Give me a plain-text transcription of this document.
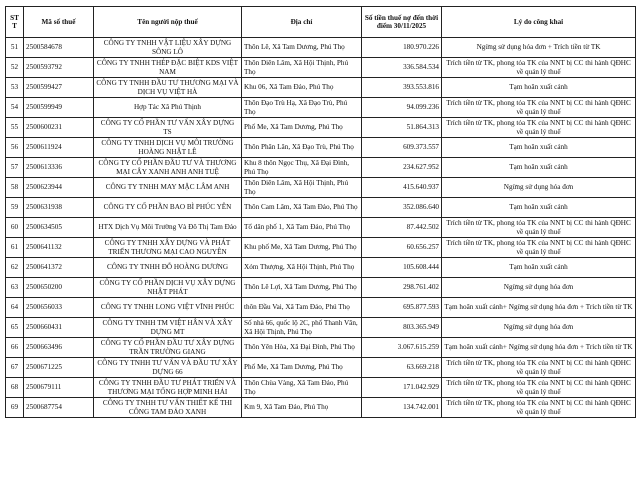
ST T	Mã số thuế	Tên người nộp thuế	Địa chỉ	Số tiền thuế nợ đến thời điểm 30/11/2025	Lý do công khai
51	2500584678	CÔNG TY TNHH VẬT LIỆU XÂY DỰNG SÔNG LÔ	Thôn Lê, Xã Tam Dương, Phú Thọ	180.970.226	Ngừng sử dụng hóa đơn + Trích tiền từ TK
52	2500593792	CÔNG TY TNHH THÉP ĐẶC BIỆT KDS VIỆT NAM	Thôn Diên Lâm, Xã Hội Thịnh, Phú Thọ	336.584.534	Trích tiền từ TK, phong tỏa TK của NNT bị CC thi hành QĐHC về quản lý thuế
53	2500599427	CÔNG TY TNHH ĐẦU TƯ THƯƠNG MẠI VÀ DỊCH VỤ VIỆT HÀ	Khu 06, Xã Tam Đảo, Phú Thọ	393.553.816	Tạm hoãn xuất cảnh
54	2500599949	Hợp Tác Xã Phú Thịnh	Thôn Đạo Trù Hạ, Xã Đạo Trù, Phú Thọ	94.099.236	Trích tiền từ TK, phong tỏa TK của NNT bị CC thi hành QĐHC về quản lý thuế
55	2500600231	CÔNG TY CỔ PHẦN TƯ VẤN XÂY DỰNG TS	Phố Me, Xã Tam Dương, Phú Thọ	51.864.313	Trích tiền từ TK, phong tỏa TK của NNT bị CC thi hành QĐHC về quản lý thuế
56	2500611924	CÔNG TY TNHH DỊCH VỤ MÔI TRƯỜNG HOÀNG NHẬT LÊ	Thôn Phân Lân, Xã Đạo Trù, Phú Thọ	609.373.557	Tạm hoãn xuất cảnh
57	2500613336	CÔNG TY CỔ PHẦN ĐẦU TƯ VÀ THƯƠNG MẠI CÂY XANH ANH ANH TUỆ	Khu 8 thôn Ngọc Thụ, Xã Đại Đình, Phú Thọ	234.627.952	Tạm hoãn xuất cảnh
58	2500623944	CÔNG TY TNHH MAY MẶC LÂM ANH	Thôn Diên Lâm, Xã Hội Thịnh, Phú Thọ	415.640.937	Ngừng sử dụng hóa đơn
59	2500631938	CÔNG TY CỔ PHẦN BAO BÌ PHÚC YÊN	Thôn Cam Lâm, Xã Tam Đảo, Phú Thọ	352.086.640	Tạm hoãn xuất cảnh
60	2500634505	HTX Dịch Vụ Môi Trường Và Đô Thị Tam Đảo	Tổ dân phố 1, Xã Tam Đảo, Phú Thọ	87.442.502	Trích tiền từ TK, phong tỏa TK của NNT bị CC thi hành QĐHC về quản lý thuế
61	2500641132	CÔNG TY TNHH XÂY DỰNG VÀ PHÁT TRIỂN THƯƠNG MẠI CAO NGUYÊN	Khu phố Me, Xã Tam Dương, Phú Thọ	60.656.257	Trích tiền từ TK, phong tỏa TK của NNT bị CC thi hành QĐHC về quản lý thuế
62	2500641372	CÔNG TY TNHH ĐỖ HOÀNG DƯƠNG	Xóm Thượng, Xã Hội Thịnh, Phú Thọ	105.608.444	Tạm hoãn xuất cảnh
63	2500650200	CÔNG TY CỔ PHẦN DỊCH VỤ XÂY DỰNG NHẬT PHÁT	Thôn Lê Lợi, Xã Tam Dương, Phú Thọ	298.761.402	Ngừng sử dụng hóa đơn
64	2500656033	CÔNG TY TNHH LONG VIỆT VĨNH PHÚC	thôn Đầu Vai, Xã Tam Đảo, Phú Thọ	695.877.593	Tạm hoãn xuất cảnh+ Ngừng sử dụng hóa đơn + Trích tiền từ TK
65	2500660431	CÔNG TY TNHH TM VIỆT HÂN VÀ XÂY DỰNG MT	Số nhà 66, quốc lộ 2C, phố Thanh Vân, Xã Hội Thịnh, Phú Thọ	803.365.949	Ngừng sử dụng hóa đơn
66	2500663496	CÔNG TY CỔ PHẦN ĐẦU TƯ XÂY DỰNG TRẦN TRƯỜNG GIANG	Thôn Yên Hòa, Xã Đại Đình, Phú Thọ	3.067.615.259	Tạm hoãn xuất cảnh+ Ngừng sử dụng hóa đơn + Trích tiền từ TK
67	2500671225	CÔNG TY TNHH TƯ VẤN VÀ ĐẦU TƯ XÂY DỰNG 66	Phố Me, Xã Tam Dương, Phú Thọ	63.669.218	Trích tiền từ TK, phong tỏa TK của NNT bị CC thi hành QĐHC về quản lý thuế
68	2500679111	CÔNG TY TNHH ĐẦU TƯ PHÁT TRIỂN VÀ THƯƠNG MẠI TỔNG HỢP MINH HẢI	Thôn Chùa Vàng, Xã Tam Đảo, Phú Thọ	171.042.929	Trích tiền từ TK, phong tỏa TK của NNT bị CC thi hành QĐHC về quản lý thuế
69	2500687754	CÔNG TY TNHH TƯ VẤN THIẾT KẾ THI CÔNG TAM ĐẢO XANH	Km 9, Xã Tam Đảo, Phú Thọ	134.742.001	Trích tiền từ TK, phong tỏa TK của NNT bị CC thi hành QĐHC về quản lý thuế
